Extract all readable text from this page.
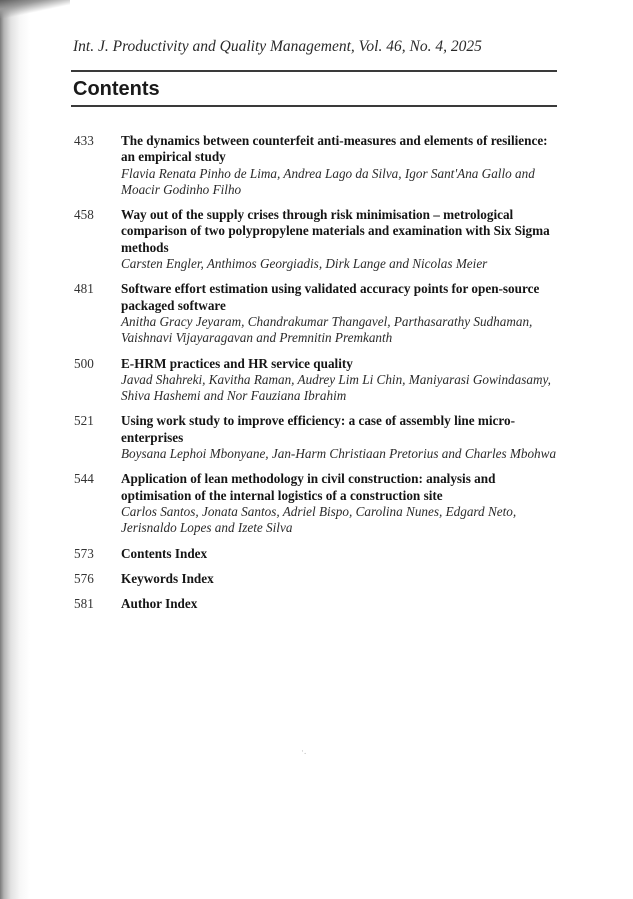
Int. J. Productivity and Quality Management, Vol. 46, No. 4, 2025
Contents
433 The dynamics between counterfeit anti-measures and elements of resilience: an empirical study
Flavia Renata Pinho de Lima, Andrea Lago da Silva, Igor Sant'Ana Gallo and Moacir Godinho Filho
458 Way out of the supply crises through risk minimisation – metrological comparison of two polypropylene materials and examination with Six Sigma methods
Carsten Engler, Anthimos Georgiadis, Dirk Lange and Nicolas Meier
481 Software effort estimation using validated accuracy points for open-source packaged software
Anitha Gracy Jeyaram, Chandrakumar Thangavel, Parthasarathy Sudhaman, Vaishnavi Vijayaragavan and Premnitin Premkanth
500 E-HRM practices and HR service quality
Javad Shahreki, Kavitha Raman, Audrey Lim Li Chin, Maniyarasi Gowindasamy, Shiva Hashemi and Nor Fauziana Ibrahim
521 Using work study to improve efficiency: a case of assembly line micro-enterprises
Boysana Lephoi Mbonyane, Jan-Harm Christiaan Pretorius and Charles Mbohwa
544 Application of lean methodology in civil construction: analysis and optimisation of the internal logistics of a construction site
Carlos Santos, Jonata Santos, Adriel Bispo, Carolina Nunes, Edgard Neto, Jerisnaldo Lopes and Izete Silva
573 Contents Index
576 Keywords Index
581 Author Index
·.
